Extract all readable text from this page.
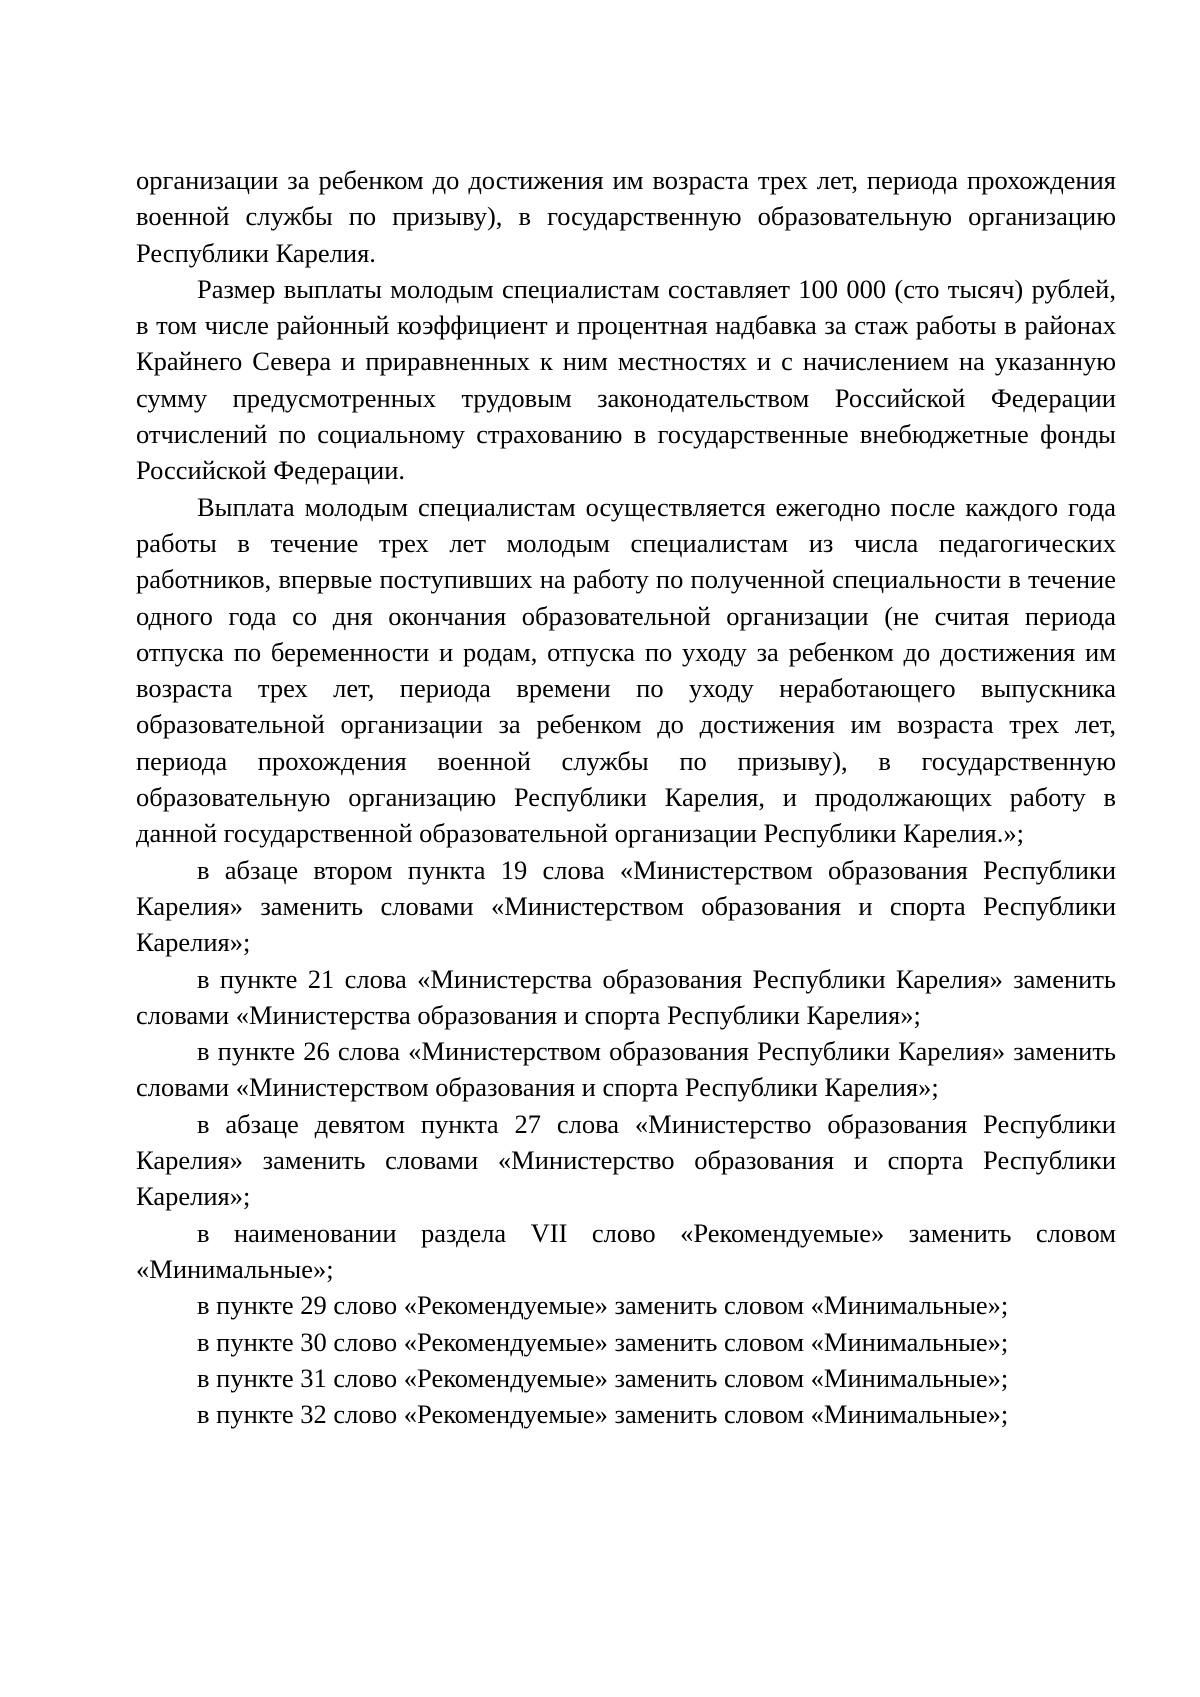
организации за ребенком до достижения им возраста трех лет, периода прохождения военной службы по призыву), в государственную образовательную организацию Республики Карелия.

Размер выплаты молодым специалистам составляет 100 000 (сто тысяч) рублей, в том числе районный коэффициент и процентная надбавка за стаж работы в районах Крайнего Севера и приравненных к ним местностях и с начислением на указанную сумму предусмотренных трудовым законодательством Российской Федерации отчислений по социальному страхованию в государственные внебюджетные фонды Российской Федерации.

Выплата молодым специалистам осуществляется ежегодно после каждого года работы в течение трех лет молодым специалистам из числа педагогических работников, впервые поступивших на работу по полученной специальности в течение одного года со дня окончания образовательной организации (не считая периода отпуска по беременности и родам, отпуска по уходу за ребенком до достижения им возраста трех лет, периода времени по уходу неработающего выпускника образовательной организации за ребенком до достижения им возраста трех лет, периода прохождения военной службы по призыву), в государственную образовательную организацию Республики Карелия, и продолжающих работу в данной государственной образовательной организации Республики Карелия.»;

в абзаце втором пункта 19 слова «Министерством образования Республики Карелия» заменить словами «Министерством образования и спорта Республики Карелия»;

в пункте 21 слова «Министерства образования Республики Карелия» заменить словами «Министерства образования и спорта Республики Карелия»;

в пункте 26 слова «Министерством образования Республики Карелия» заменить словами «Министерством образования и спорта Республики Карелия»;

в абзаце девятом пункта 27 слова «Министерство образования Республики Карелия» заменить словами «Министерство образования и спорта Республики Карелия»;

в наименовании раздела VII слово «Рекомендуемые» заменить словом «Минимальные»;

в пункте 29 слово «Рекомендуемые» заменить словом «Минимальные»;

в пункте 30 слово «Рекомендуемые» заменить словом «Минимальные»;

в пункте 31 слово «Рекомендуемые» заменить словом «Минимальные»;

в пункте 32 слово «Рекомендуемые» заменить словом «Минимальные»;
